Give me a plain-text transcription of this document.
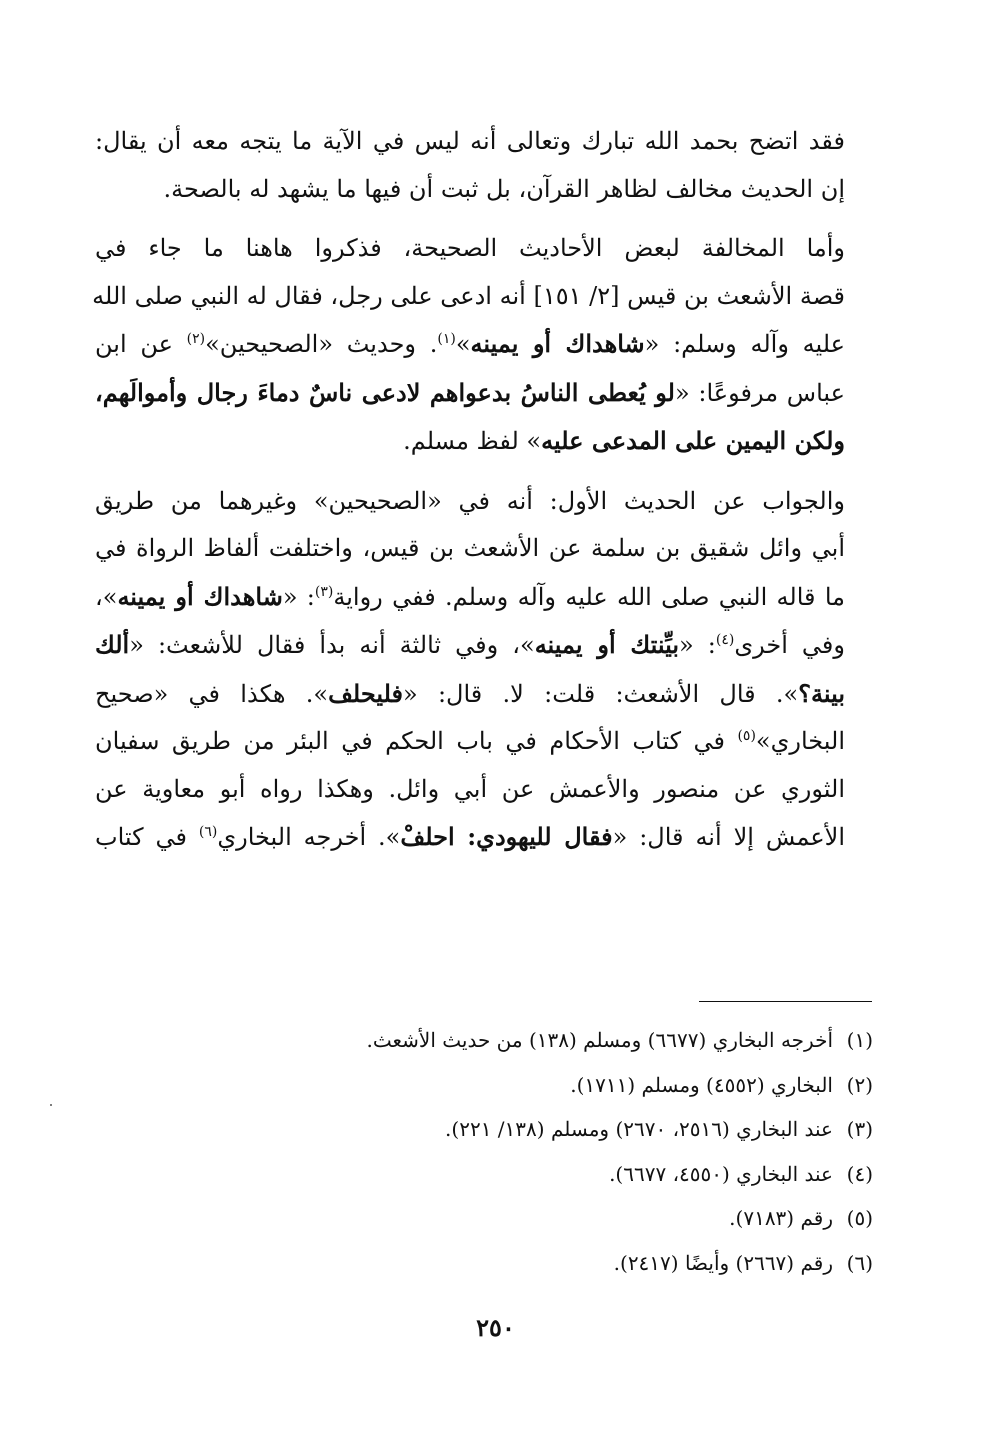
فقد اتضح بحمد الله تبارك وتعالى أنه ليس في الآية ما يتجه معه أن يقال:
إن الحديث مخالف لظاهر القرآن، بل ثبت أن فيها ما يشهد له بالصحة.

وأما المخالفة لبعض الأحاديث الصحيحة، فذكروا هاهنا ما جاء في
قصة الأشعث بن قيس [٢/ ١٥١] أنه ادعى على رجل، فقال له النبي صلى الله
عليه وآله وسلم: «شاهداك أو يمينه»$^{(١)}$. وحديث «الصحيحين»$^{(٢)}$ عن ابن
عباس مرفوعًا: «لو يُعطى الناسُ بدعواهم لادعى ناسٌ دماءَ رجال وأموالَهم،
ولكن اليمين على المدعى عليه» لفظ مسلم.

والجواب عن الحديث الأول: أنه في «الصحيحين» وغيرهما من طريق
أبي وائل شقيق بن سلمة عن الأشعث بن قيس، واختلفت ألفاظ الرواة في
ما قاله النبي صلى الله عليه وآله وسلم. ففي رواية$^{(٣)}$: «شاهداك أو يمينه»،
وفي أخرى$^{(٤)}$: «بيِّنتك أو يمينه»، وفي ثالثة أنه بدأ فقال للأشعث: «ألك
بينة؟». قال الأشعث: قلت: لا. قال: «فليحلف». هكذا في «صحيح
البخاري»$^{(٥)}$ في كتاب الأحكام في باب الحكم في البئر من طريق سفيان
الثوري عن منصور والأعمش عن أبي وائل. وهكذا رواه أبو معاوية عن
الأعمش إلا أنه قال: «فقال لليهودي: احلفْ». أخرجه البخاري$^{(٦)}$ في كتاب

(١)أخرجه البخاري (٦٦٧٧) ومسلم (١٣٨) من حديث الأشعث.
(٢)البخاري (٤٥٥٢) ومسلم (١٧١١).
(٣)عند البخاري (٢٥١٦، ٢٦٧٠) ومسلم (١٣٨/ ٢٢١).
(٤)عند البخاري (٤٥٥٠، ٦٦٧٧).
(٥)رقم (٧١٨٣).
(٦)رقم (٢٦٦٧) وأيضًا (٢٤١٧).
٢٥٠
